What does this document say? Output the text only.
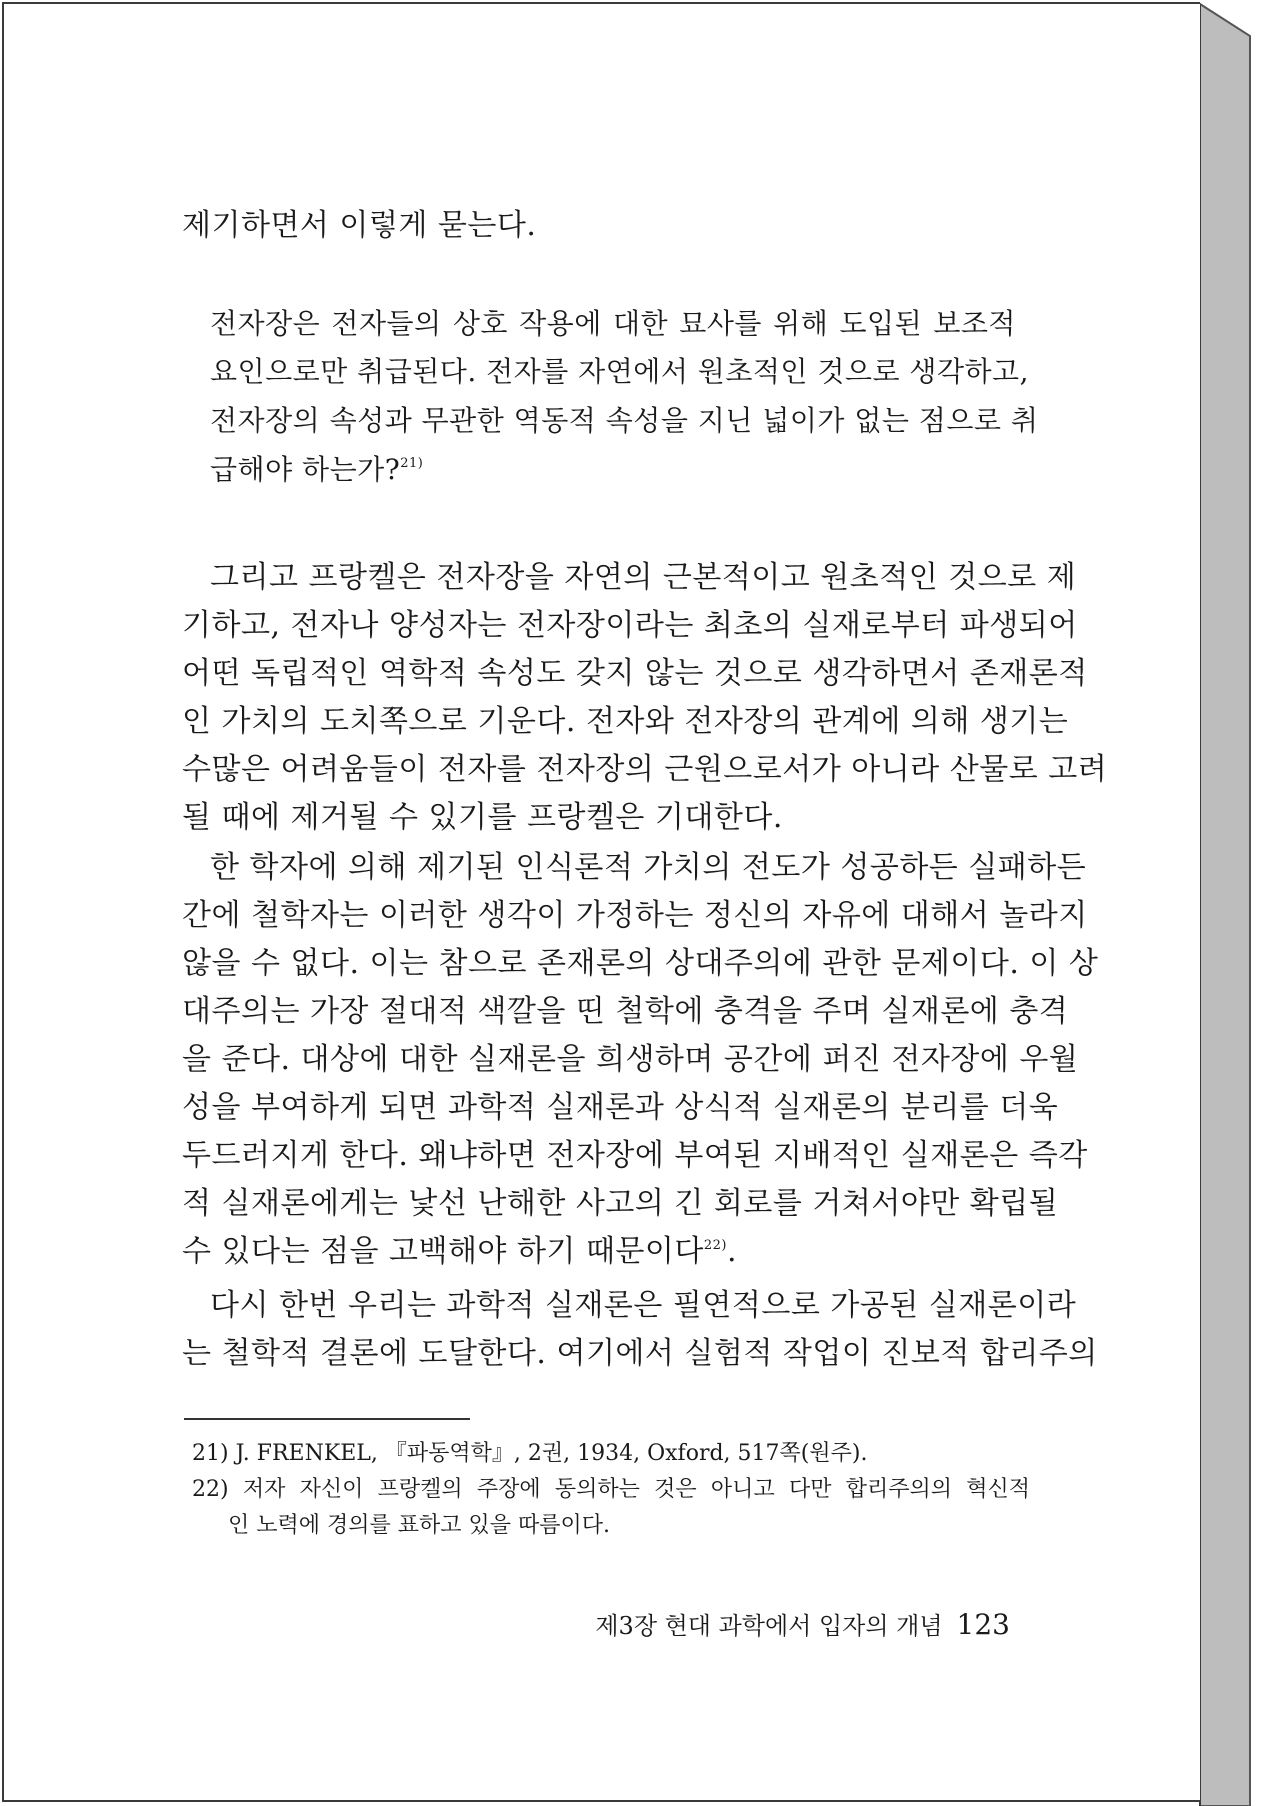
제기하면서 이렇게 묻는다.
전자장은 전자들의 상호 작용에 대한 묘사를 위해 도입된 보조적
요인으로만 취급된다. 전자를 자연에서 원초적인 것으로 생각하고,
전자장의 속성과 무관한 역동적 속성을 지닌 넓이가 없는 점으로 취
급해야 하는가?$^{21)}$
그리고 프랑켈은 전자장을 자연의 근본적이고 원초적인 것으로 제
기하고, 전자나 양성자는 전자장이라는 최초의 실재로부터 파생되어
어떤 독립적인 역학적 속성도 갖지 않는 것으로 생각하면서 존재론적
인 가치의 도치쪽으로 기운다. 전자와 전자장의 관계에 의해 생기는
수많은 어려움들이 전자를 전자장의 근원으로서가 아니라 산물로 고려
될 때에 제거될 수 있기를 프랑켈은 기대한다.
한 학자에 의해 제기된 인식론적 가치의 전도가 성공하든 실패하든
간에 철학자는 이러한 생각이 가정하는 정신의 자유에 대해서 놀라지
않을 수 없다. 이는 참으로 존재론의 상대주의에 관한 문제이다. 이 상
대주의는 가장 절대적 색깔을 띤 철학에 충격을 주며 실재론에 충격
을 준다. 대상에 대한 실재론을 희생하며 공간에 퍼진 전자장에 우월
성을 부여하게 되면 과학적 실재론과 상식적 실재론의 분리를 더욱
두드러지게 한다. 왜냐하면 전자장에 부여된 지배적인 실재론은 즉각
적 실재론에게는 낯선 난해한 사고의 긴 회로를 거쳐서야만 확립될
수 있다는 점을 고백해야 하기 때문이다$^{22)}$.
다시 한번 우리는 과학적 실재론은 필연적으로 가공된 실재론이라
는 철학적 결론에 도달한다. 여기에서 실험적 작업이 진보적 합리주의
21) J. FRENKEL, 『파동역학』, 2권, 1934, Oxford, 517쪽(원주).
22) 저자 자신이 프랑켈의 주장에 동의하는 것은 아니고 다만 합리주의의 혁신적
인 노력에 경의를 표하고 있을 따름이다.
제3장 현대 과학에서 입자의 개념 123
